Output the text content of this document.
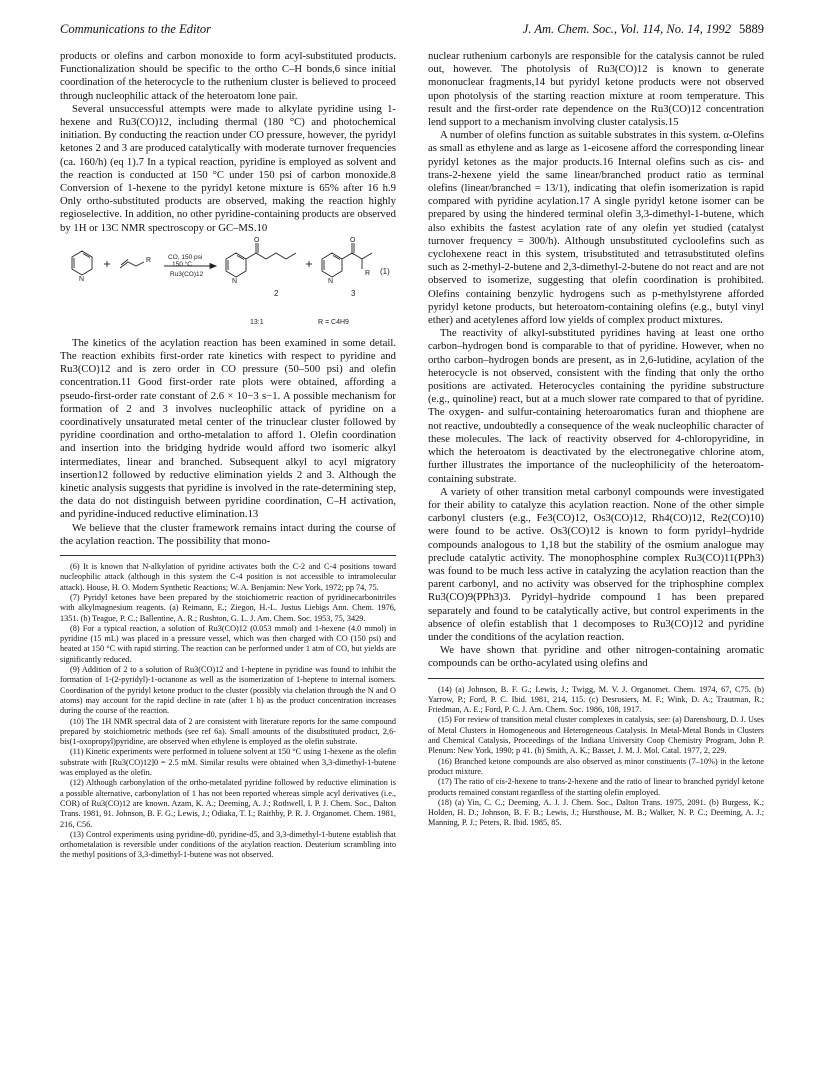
Communications to the Editor	J. Am. Chem. Soc., Vol. 114, No. 14, 1992 5889

products or olefins and carbon monoxide to form acyl-substituted products. Functionalization should be specific to the ortho C–H bonds,6 since initial coordination of the heterocycle to the ruthenium cluster is believed to proceed through nucleophilic attack of the heteroatom lone pair.

Several unsuccessful attempts were made to alkylate pyridine using 1-hexene and Ru3(CO)12, including thermal (180 °C) and photochemical initiation. By conducting the reaction under CO pressure, however, the pyridyl ketones 2 and 3 are produced catalytically with moderate turnover frequencies (ca. 160/h) (eq 1).7 In a typical reaction, pyridine is employed as solvent and the reaction is conducted at 150 °C under 150 psi of carbon monoxide.8 Conversion of 1-hexene to the pyridyl ketone mixture is 65% after 16 h.9 Only ortho-substituted products are observed, making the reaction highly regioselective. In addition, no other pyridine-containing products are observed by 1H or 13C NMR spectroscopy or GC–MS.10

N
R
N	N
R
O	O
CO, 150 psi
150 °C
Ru3(CO)12
2	3
(1)
13:1	R = C4H9

The kinetics of the acylation reaction has been examined in some detail. The reaction exhibits first-order rate kinetics with respect to pyridine and Ru3(CO)12 and is zero order in CO pressure (50–500 psi) and olefin concentration.11 Good first-order rate plots were obtained, affording a pseudo-first-order rate constant of 2.6 × 10−3 s−1. A possible mechanism for formation of 2 and 3 involves nucleophilic attack of pyridine on a coordinatively unsaturated metal center of the trinuclear cluster followed by pyridine coordination and ortho-metalation to afford 1. Olefin coordination and insertion into the bridging hydride would afford two isomeric alkyl intermediates, linear and branched. Subsequent alkyl to acyl migratory insertion12 followed by reductive elimination yields 2 and 3. Although the kinetic analysis suggests that pyridine is involved in the rate-determining step, the data do not distinguish between pyridine coordination, C–H activation, and pyridine-induced reductive elimination.13

We believe that the cluster framework remains intact during the course of the acylation reaction. The possibility that mono-

(6) It is known that N-alkylation of pyridine activates both the C-2 and C-4 positions toward nucleophilic attack (although in this system the C-4 position is not accessible to intramolecular attack). House, H. O. Modern Synthetic Reactions; W. A. Benjamin: New York, 1972; pp 74, 75.

(7) Pyridyl ketones have been prepared by the stoichiometric reaction of pyridinecarbonitriles with alkylmagnesium reagents. (a) Reimann, E.; Ziegon, H.-L. Justus Liebigs Ann. Chem. 1976, 1351. (b) Teague, P. C.; Ballentine, A. R.; Rushton, G. L. J. Am. Chem. Soc. 1953, 75, 3429.

(8) For a typical reaction, a solution of Ru3(CO)12 (0.053 mmol) and 1-hexene (4.0 mmol) in pyridine (15 mL) was placed in a pressure vessel, which was then charged with CO (150 psi) and heated at 150 °C with rapid stirring. The reaction can be performed under 1 atm of CO, but yields are significantly reduced.

(9) Addition of 2 to a solution of Ru3(CO)12 and 1-heptene in pyridine was found to inhibit the formation of 1-(2-pyridyl)-1-octanone as well as the isomerization of 1-heptene to internal isomers. Coordination of the pyridyl ketone product to the cluster (possibly via chelation through the N and O atoms) may account for the rapid decline in rate (after 1 h) as the product concentration increases during the course of the reaction.

(10) The 1H NMR spectral data of 2 are consistent with literature reports for the same compound prepared by stoichiometric methods (see ref 6a). Small amounts of the disubstituted product, 2,6-bis(1-oxopropyl)pyridine, are observed when ethylene is employed as the olefin substrate.

(11) Kinetic experiments were performed in toluene solvent at 150 °C using 1-hexene as the olefin substrate with [Ru3(CO)12]0 = 2.5 mM. Similar results were obtained when 3,3-dimethyl-1-butene was employed as the olefin.

(12) Although carbonylation of the ortho-metalated pyridine followed by reductive elimination is a possible alternative, carbonylation of 1 has not been reported whereas simple acyl derivatives (i.e., COR) of Ru3(CO)12 are known. Azam, K. A.; Deeming, A. J.; Rothwell, I. P. J. Chem. Soc., Dalton Trans. 1981, 91. Johnson, B. F. G.; Lewis, J.; Odiaka, T. I.; Raithby, P. R. J. Organomet. Chem. 1981, 216, C56.

(13) Control experiments using pyridine-d0, pyridine-d5, and 3,3-dimethyl-1-butene establish that orthometalation is reversible under conditions of the acylation reaction. Deuterium scrambling into the methyl positions of 3,3-dimethyl-1-butene was not observed.

nuclear ruthenium carbonyls are responsible for the catalysis cannot be ruled out, however. The photolysis of Ru3(CO)12 is known to generate mononuclear fragments,14 but pyridyl ketone products were not observed upon photolysis of the starting reaction mixture at room temperature. This result and the first-order rate dependence on the Ru3(CO)12 concentration lend support to a mechanism involving cluster catalysis.15

A number of olefins function as suitable substrates in this system. α-Olefins as small as ethylene and as large as 1-eicosene afford the corresponding linear pyridyl ketones as the major products.16 Internal olefins such as cis- and trans-2-hexene yield the same linear/branched product ratio as terminal olefins (linear/branched = 13/1), indicating that olefin isomerization is rapid compared with pyridine acylation.17 A single pyridyl ketone isomer can be prepared by using the hindered terminal olefin 3,3-dimethyl-1-butene, which also exhibits the fastest acylation rate of any olefin yet studied (catalyst turnover frequency = 300/h). Although unsubstituted cycloolefins such as cyclohexene react in this system, trisubstituted and tetrasubstituted olefins such as 2-methyl-2-butene and 2,3-dimethyl-2-butene do not react and are not observed to isomerize, suggesting that olefin coordination is prohibited. Olefins containing benzylic hydrogens such as p-methylstyrene afforded pyridyl ketone products, but heteroatom-containing olefins (e.g., butyl vinyl ether) and acetylenes afford low yields of complex product mixtures.

The reactivity of alkyl-substituted pyridines having at least one ortho carbon–hydrogen bond is comparable to that of pyridine. However, when no ortho carbon–hydrogen bonds are present, as in 2,6-lutidine, acylation of the heterocycle is not observed, consistent with the finding that only the ortho positions are activated. Heterocycles containing the pyridine substructure (e.g., quinoline) react, but at a much slower rate compared to that of pyridine. The oxygen- and sulfur-containing heteroaromatics furan and thiophene are not reactive, undoubtedly a consequence of the weak nucleophilic character of these molecules. The lack of reactivity observed for 4-chloropyridine, in which the heteroatom is deactivated by the electronegative chlorine atom, further illustrates the importance of the nucleophilicity of the heteroatom-containing substrate.

A variety of other transition metal carbonyl compounds were investigated for their ability to catalyze this acylation reaction. None of the other simple carbonyl clusters (e.g., Fe3(CO)12, Os3(CO)12, Rh4(CO)12, Re2(CO)10) were found to be active. Os3(CO)12 is known to form pyridyl–hydride compounds analogous to 1,18 but the stability of the osmium analogue may preclude catalytic activity. The monophosphine complex Ru3(CO)11(PPh3) was found to be much less active in catalyzing the acylation reaction than the parent carbonyl, and no activity was observed for the triphosphine complex Ru3(CO)9(PPh3)3. Pyridyl–hydride compound 1 has been prepared separately and found to be catalytically active, but control experiments in the absence of olefin establish that 1 decomposes to Ru3(CO)12 and pyridine under the conditions of the acylation reaction.

We have shown that pyridine and other nitrogen-containing aromatic compounds can be ortho-acylated using olefins and

(14) (a) Johnson, B. F. G.; Lewis, J.; Twigg, M. V. J. Organomet. Chem. 1974, 67, C75. (b) Yarrow, P.; Ford, P. C. Ibid. 1981, 214, 115. (c) Desrosiers, M. F.; Wink, D. A.; Trautman, R.; Friedman, A. E.; Ford, P. C. J. Am. Chem. Soc. 1986, 108, 1917.

(15) For review of transition metal cluster complexes in catalysis, see: (a) Darensbourg, D. J. Uses of Metal Clusters in Homogeneous and Heterogeneous Catalysis. In Metal-Metal Bonds in Clusters and Chemical Catalysis, Proceedings of the Indiana University Coop Chemistry Program, John P. Plenum: New York, 1990; p 41. (b) Smith, A. K.; Basset, J. M. J. Mol. Catal. 1977, 2, 229.

(16) Branched ketone compounds are also observed as minor constituents (7–10%) in the ketone product mixture.

(17) The ratio of cis-2-hexene to trans-2-hexene and the ratio of linear to branched pyridyl ketone products remained constant regardless of the starting olefin employed.

(18) (a) Yin, C. C.; Deeming, A. J. J. Chem. Soc., Dalton Trans. 1975, 2091. (b) Burgess, K.; Holden, H. D.; Johnson, B. F. B.; Lewis, J.; Hursthouse, M. B.; Walker, N. P. C.; Deeming, A. J.; Manning, P. J.; Peters, R. Ibid. 1985, 85.
